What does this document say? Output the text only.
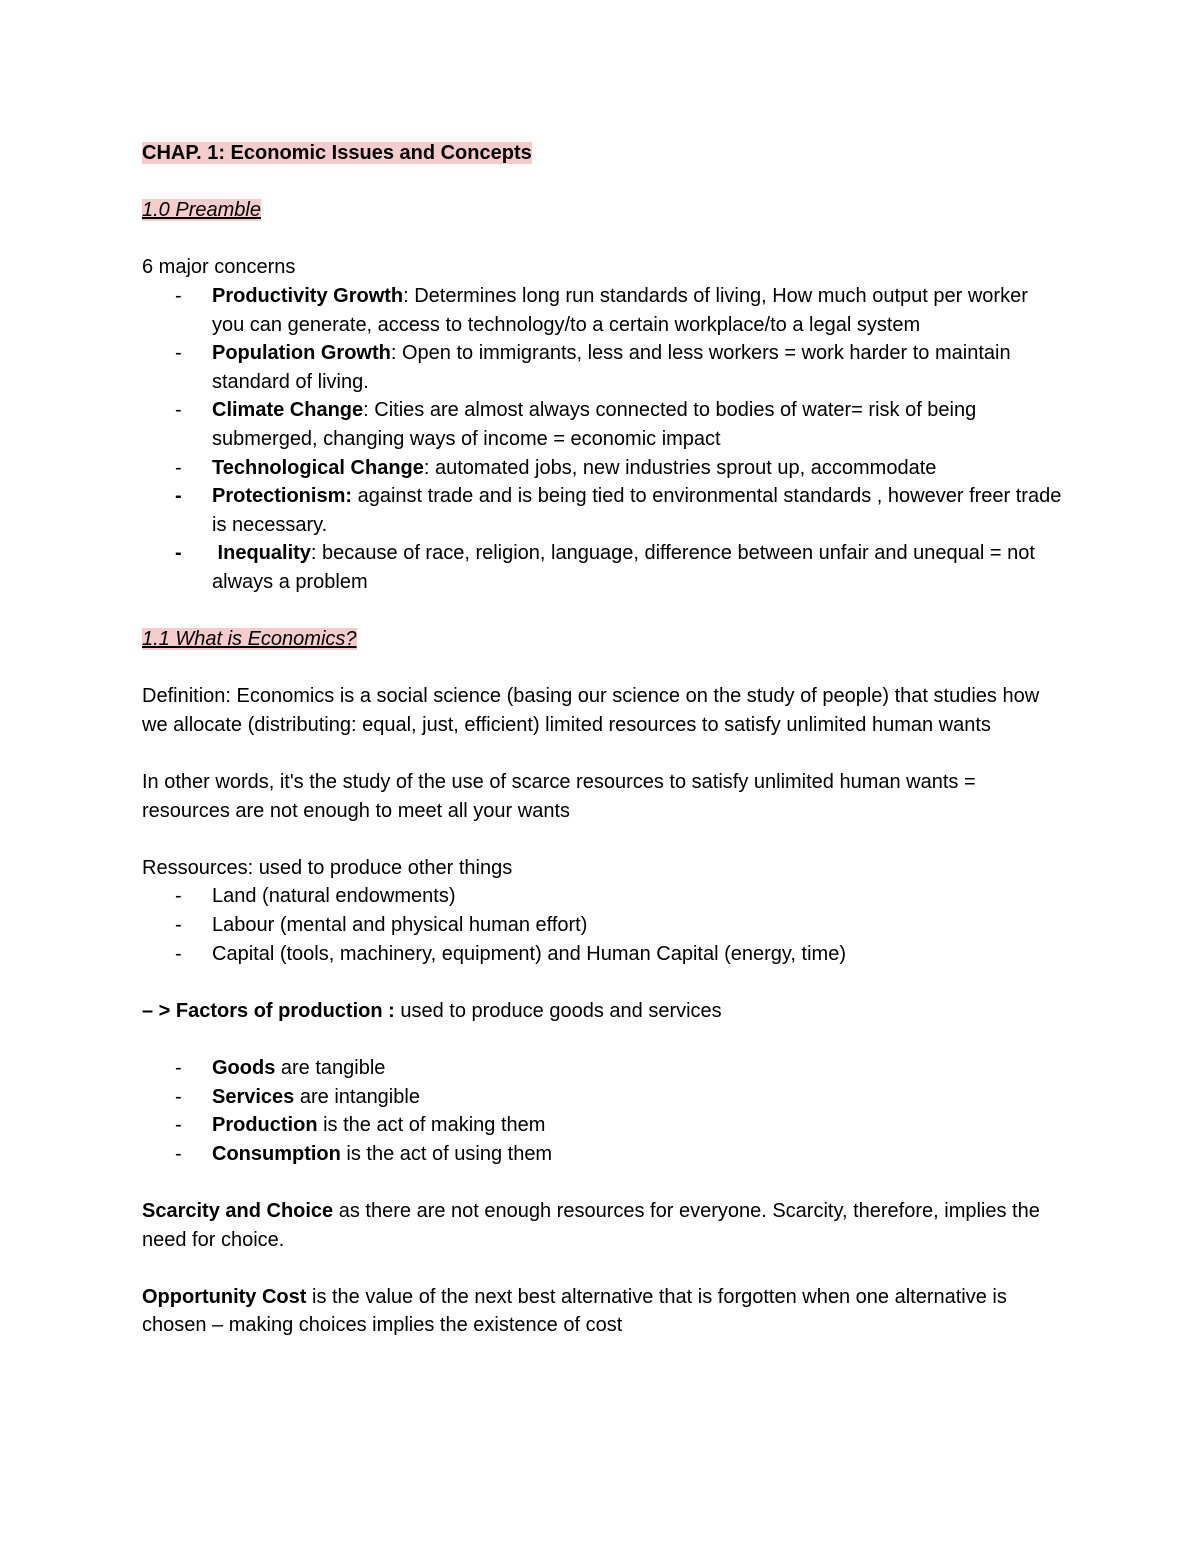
CHAP. 1: Economic Issues and Concepts

1.0 Preamble

6 major concerns

- Productivity Growth: Determines long run standards of living, How much output per worker you can generate, access to technology/to a certain workplace/to a legal system
- Population Growth: Open to immigrants, less and less workers = work harder to maintain standard of living.
- Climate Change: Cities are almost always connected to bodies of water= risk of being submerged, changing ways of income = economic impact
- Technological Change: automated jobs, new industries sprout up, accommodate
- Protectionism: against trade and is being tied to environmental standards , however freer trade is necessary.
- Inequality: because of race, religion, language, difference between unfair and unequal = not always a problem

1.1 What is Economics?

Definition: Economics is a social science (basing our science on the study of people) that studies how we allocate (distributing: equal, just, efficient) limited resources to satisfy unlimited human wants

In other words, it's the study of the use of scarce resources to satisfy unlimited human wants = resources are not enough to meet all your wants

Ressources: used to produce other things

- Land (natural endowments)
- Labour (mental and physical human effort)
- Capital (tools, machinery, equipment) and Human Capital (energy, time)

– > Factors of production : used to produce goods and services

- Goods are tangible
- Services are intangible
- Production is the act of making them
- Consumption is the act of using them

Scarcity and Choice as there are not enough resources for everyone. Scarcity, therefore, implies the need for choice.

Opportunity Cost is the value of the next best alternative that is forgotten when one alternative is chosen – making choices implies the existence of cost
